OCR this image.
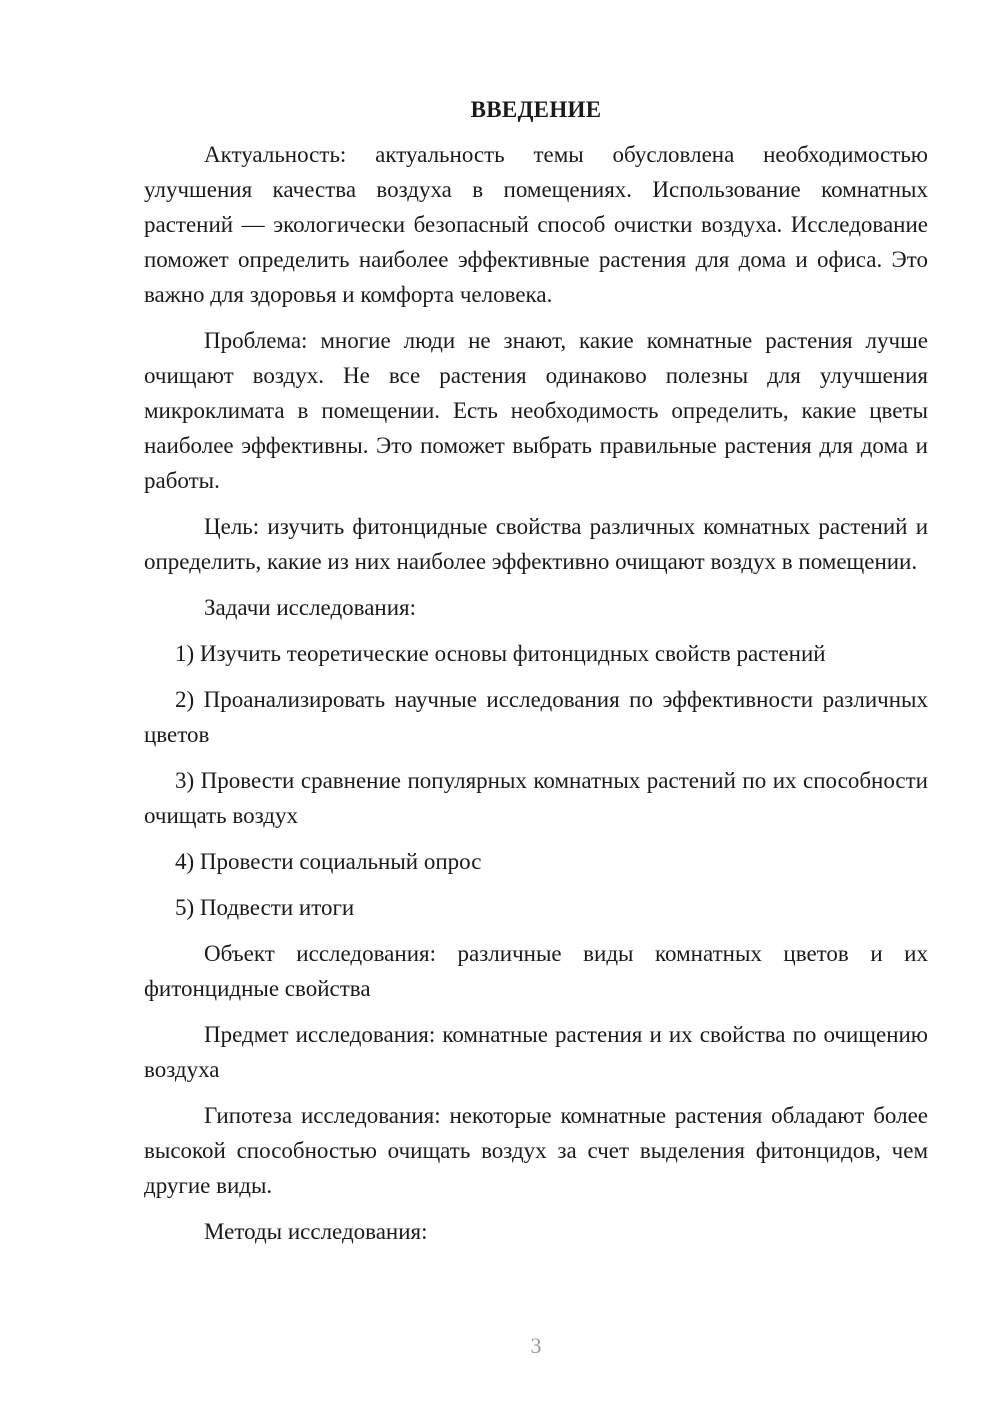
ВВЕДЕНИЕ

Актуальность: актуальность темы обусловлена необходимостью улучшения качества воздуха в помещениях. Использование комнатных растений — экологически безопасный способ очистки воздуха. Исследование поможет определить наиболее эффективные растения для дома и офиса. Это важно для здоровья и комфорта человека.

Проблема: многие люди не знают, какие комнатные растения лучше очищают воздух. Не все растения одинаково полезны для улучшения микроклимата в помещении. Есть необходимость определить, какие цветы наиболее эффективны. Это поможет выбрать правильные растения для дома и работы.

Цель: изучить фитонцидные свойства различных комнатных растений и определить, какие из них наиболее эффективно очищают воздух в помещении.

Задачи исследования:

1) Изучить теоретические основы фитонцидных свойств растений

2) Проанализировать научные исследования по эффективности различных цветов

3) Провести сравнение популярных комнатных растений по их способности очищать воздух

4) Провести социальный опрос

5) Подвести итоги

Объект исследования: различные виды комнатных цветов и их фитонцидные свойства

Предмет исследования: комнатные растения и их свойства по очищению воздуха

Гипотеза исследования: некоторые комнатные растения обладают более высокой способностью очищать воздух за счет выделения фитонцидов, чем другие виды.

Методы исследования:

3
